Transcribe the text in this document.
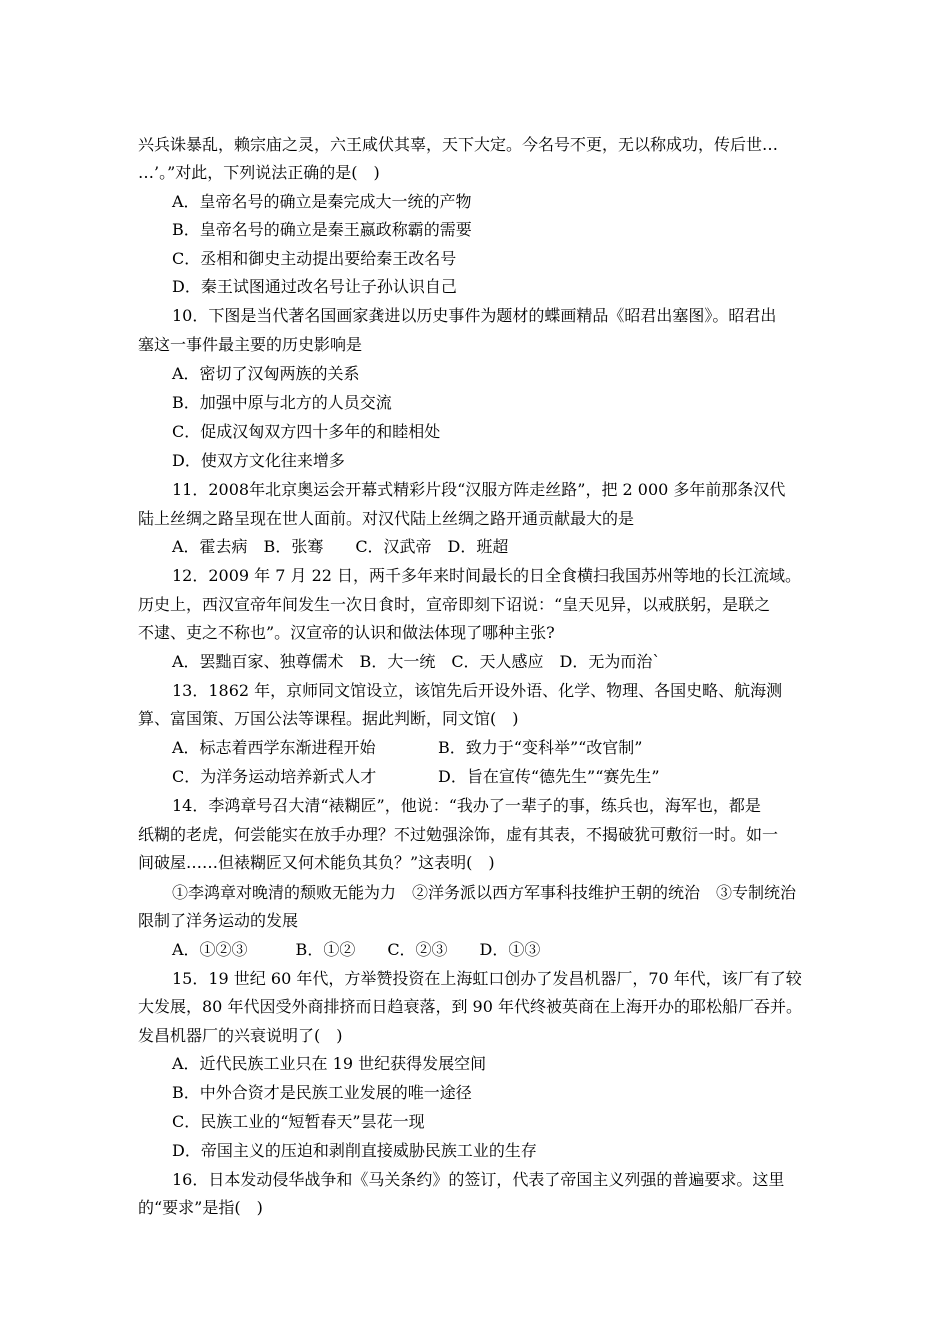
兴兵诛暴乱，赖宗庙之灵，六王咸伏其辜，天下大定。今名号不更，无以称成功，传后世…
…’。”对此，下列说法正确的是(　)
A．皇帝名号的确立是秦完成大一统的产物
B．皇帝名号的确立是秦王嬴政称霸的需要
C．丞相和御史主动提出要给秦王改名号
D．秦王试图通过改名号让子孙认识自己
10．下图是当代著名国画家龚进以历史事件为题材的蝶画精品《昭君出塞图》。昭君出
塞这一事件最主要的历史影响是
A．密切了汉匈两族的关系
B．加强中原与北方的人员交流
C．促成汉匈双方四十多年的和睦相处
D．使双方文化往来增多
11．2008年北京奥运会开幕式精彩片段“汉服方阵走丝路”，把 2 000 多年前那条汉代
陆上丝绸之路呈现在世人面前。对汉代陆上丝绸之路开通贡献最大的是
A．霍去病　B．张骞　　C．汉武帝　D．班超
12．2009 年 7 月 22 日，两千多年来时间最长的日全食横扫我国苏州等地的长江流域。
历史上，西汉宣帝年间发生一次日食时，宣帝即刻下诏说：“皇天见异，以戒朕躬，是联之
不逮、吏之不称也”。汉宣帝的认识和做法体现了哪种主张?
A．罢黜百家、独尊儒术　B．大一统　C．天人感应　D．无为而治`
13．1862 年，京师同文馆设立，该馆先后开设外语、化学、物理、各国史略、航海测
算、富国策、万国公法等课程。据此判断，同文馆(　)
A．标志着西学东渐进程开始	B．致力于“变科举”“改官制”
C．为洋务运动培养新式人才	D．旨在宣传“德先生”“赛先生”
14．李鸿章号召大清“裱糊匠”，他说：“我办了一辈子的事，练兵也，海军也，都是
纸糊的老虎，何尝能实在放手办理？不过勉强涂饰，虚有其表，不揭破犹可敷衍一时。如一
间破屋……但裱糊匠又何术能负其负？”这表明(　)
①李鸿章对晚清的颓败无能为力　②洋务派以西方军事科技维护王朝的统治　③专制统治
限制了洋务运动的发展
A．①②③　　　B．①②　　C．②③　　D．①③
15．19 世纪 60 年代，方举赞投资在上海虹口创办了发昌机器厂，70 年代，该厂有了较
大发展，80 年代因受外商排挤而日趋衰落，到 90 年代终被英商在上海开办的耶松船厂吞并。
发昌机器厂的兴衰说明了(　)
A．近代民族工业只在 19 世纪获得发展空间
B．中外合资才是民族工业发展的唯一途径
C．民族工业的“短暂春天”昙花一现
D．帝国主义的压迫和剥削直接威胁民族工业的生存
16．日本发动侵华战争和《马关条约》的签订，代表了帝国主义列强的普遍要求。这里
的“要求”是指(　)
